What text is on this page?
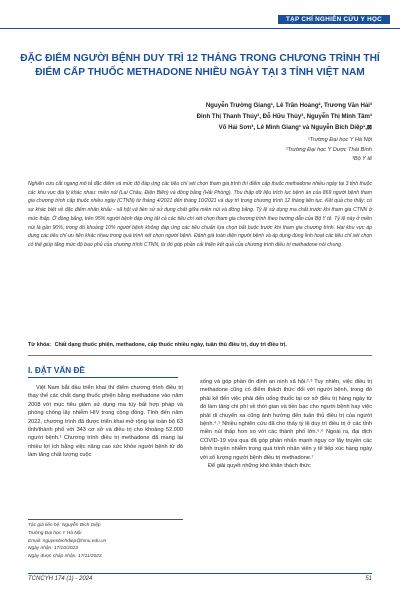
TẠP CHÍ NGHIÊN CỨU Y HỌC
ĐẶC ĐIỂM NGƯỜI BỆNH DUY TRÌ 12 THÁNG TRONG CHƯƠNG TRÌNH THÍ ĐIỂM CẤP THUỐC METHADONE NHIỀU NGÀY TẠI 3 TỈNH VIỆT NAM
Nguyễn Trường Giang¹, Lê Trần Hoàng², Trương Văn Hải³
Đinh Thị Thanh Thúy³, Đỗ Hữu Thủy³, Nguyễn Thị Minh Tâm³
Võ Hải Sơn³, Lê Minh Giang¹ và Nguyễn Bích Diệp¹,⊠
¹Trường Đại học Y Hà Nội
²Trường Đại học Y Dược Thái Bình
³Bộ Y tế
Nghiên cứu cắt ngang mô tả đặc điểm và mức độ đáp ứng các tiêu chí xét chọn tham gia trình thí điểm cấp thuốc methadone nhiều ngày tại 3 tỉnh thuộc các khu vực địa lý khác nhau: miền núi (Lai Châu, Điện Biên) và đồng bằng (Hải Phòng). Thu thập dữ liệu trích lục bệnh án của 869 người bệnh tham gia chương trình cấp thuốc nhiều ngày (CTNN) từ tháng 4/2021 đến tháng 10/2021 và duy trì trong chương trình 12 tháng liên tục. Kết quả cho thấy: có sự khác biệt về đặc điểm nhân khẩu - xã hội và tiền sử sử dụng chất giữa miền núi và đồng bằng. Tỷ lệ sử dụng ma chất trước khi tham gia CTNN ở mức thấp. Ở đồng bằng, trên 95% người bệnh đáp ứng tất cả các tiêu chí xét chọn tham gia chương trình theo hướng dẫn của Bộ Y tế. Tỷ lệ này ở miền núi là gần 90%, trong đó khoảng 10% người bệnh không đáp ứng các tiêu chuẩn lựa chọn bắt buộc trước khi tham gia chương trình. Hai khu vực áp dụng các tiêu chí ưu tiên khác nhau trong quá trình xét chọn người bệnh. Đánh giá toàn diện người bệnh và áp dụng đúng linh hoạt các tiêu chí xét chọn có thể giúp tăng mức độ bao phủ của chương trình CTNN, từ đó góp phần cải thiện kết quả của chương trình điều trị methadone nói chung.
Từ khóa: Chất dạng thuốc phiện, methadone, cấp thuốc nhiều ngày, tuân thủ điều trị, duy trì điều trị.
I. ĐẶT VẤN ĐỀ

Việt Nam bắt đầu triển khai thí điểm chương trình điều trị thay thế các chất dạng thuốc phiện bằng methadone vào năm 2008 với mục tiêu giảm sử dụng ma túy bất hợp pháp và phòng chống lây nhiễm HIV trong cộng đồng. Tính đến năm 2022, chương trình đã được triển khai mở rộng tại toàn bộ 63 tỉnh/thành phố với 343 cơ sở và điều trị cho khoảng 52.000 người bệnh.¹ Chương trình điều trị methadone đã mang lại nhiều lợi ích bằng việc nâng cao sức khỏe người bệnh từ đó làm tăng chất lượng cuộc

sống và góp phần ổn định an ninh xã hội.²˒³ Tuy nhiên, việc điều trị methadone cũng có điểm thách thức đối với người bệnh, trong đó phải kể đến việc phải đến uống thuốc tại cơ sở điều trị hàng ngày từ đó làm tăng chi phí về thời gian và tiền bạc cho người bệnh hay việc phải di chuyển xa cũng ảnh hưởng đến tuân thủ điều trị của người bệnh.⁴˒⁵ Nhiều nghiên cứu đã cho thấy tỷ lệ duy trì điều trị ở các tỉnh miền núi thấp hơn so với các thành phố lớn.⁵˒⁶ Ngoài ra, đại dịch COVID-19 vừa qua đã góp phần nhấn mạnh nguy cơ lây truyền các bệnh truyền nhiễm trong quá trình nhân viên y tế tiếp xúc hàng ngày với số lượng người bệnh điều trị methadone.⁷

Để giải quyết những khó khăn thách thức

Tác giả liên hệ: Nguyễn Bích Diệp
Trường Đại học Y Hà Nội
Email: nguyenbichdiep@hmu.edu.vn
Ngày nhận: 17/10/2023
Ngày được chấp nhận: 17/11/2023
TCNCYH 174 (1) - 2024	51
